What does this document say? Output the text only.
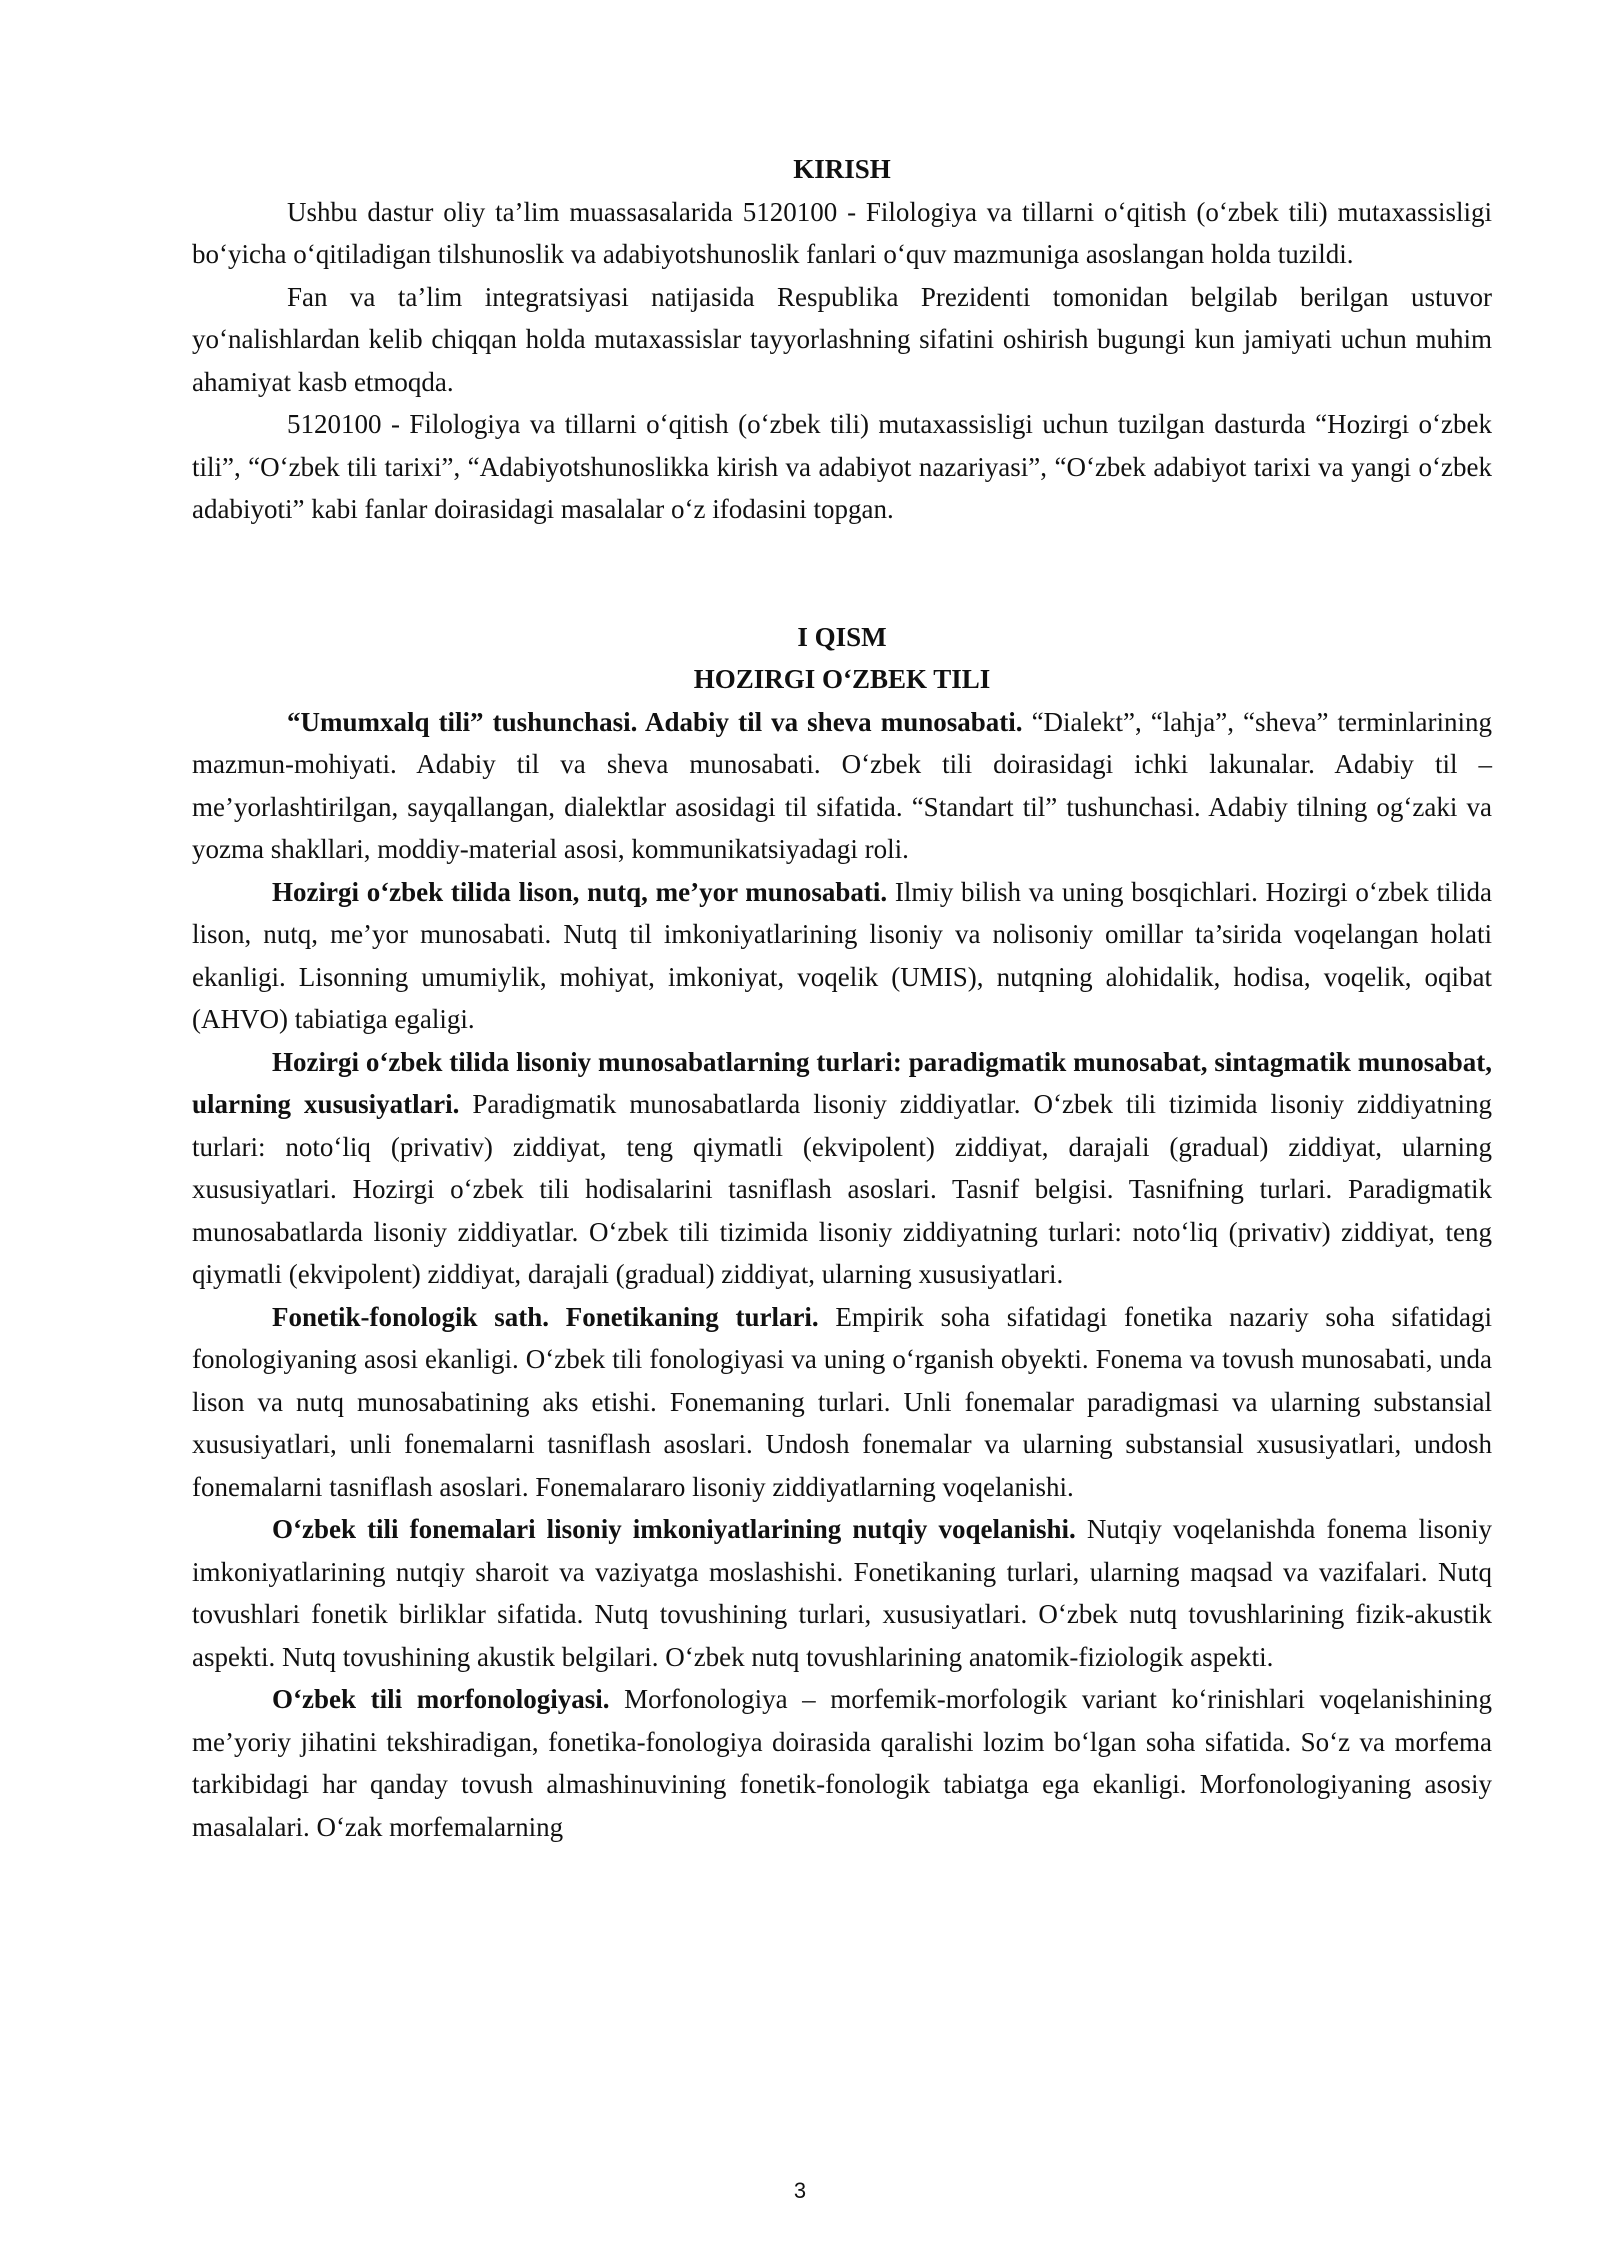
KIRISH

Ushbu dastur oliy ta’lim muassasalarida 5120100 - Filologiya va tillarni o‘qitish (o‘zbek tili) mutaxassisligi bo‘yicha o‘qitiladigan tilshunoslik va adabiyotshunoslik fanlari o‘quv mazmuniga asoslangan holda tuzildi.

Fan va ta’lim integratsiyasi natijasida Respublika Prezidenti tomonidan belgilab berilgan ustuvor yo‘nalishlardan kelib chiqqan holda mutaxassislar tayyorlashning sifatini oshirish bugungi kun jamiyati uchun muhim ahamiyat kasb etmoqda.

5120100 - Filologiya va tillarni o‘qitish (o‘zbek tili) mutaxassisligi uchun tuzilgan dasturda “Hozirgi o‘zbek tili”, “O‘zbek tili tarixi”, “Adabiyotshunoslikka kirish va adabiyot nazariyasi”, “O‘zbek adabiyot tarixi va yangi o‘zbek adabiyoti” kabi fanlar doirasidagi masalalar o‘z ifodasini topgan.

I QISM

HOZIRGI O‘ZBEK TILI

“Umumxalq tili” tushunchasi. Adabiy til va sheva munosabati. “Dialekt”, “lahja”, “sheva” terminlarining mazmun-mohiyati. Adabiy til va sheva munosabati. O‘zbek tili doirasidagi ichki lakunalar. Adabiy til – me’yorlashtirilgan, sayqallangan, dialektlar asosidagi til sifatida. “Standart til” tushunchasi. Adabiy tilning og‘zaki va yozma shakllari, moddiy-material asosi, kommunikatsiyadagi roli.

Hozirgi o‘zbek tilida lison, nutq, me’yor munosabati. Ilmiy bilish va uning bosqichlari. Hozirgi o‘zbek tilida lison, nutq, me’yor munosabati. Nutq til imkoniyatlarining lisoniy va nolisoniy omillar ta’sirida voqelangan holati ekanligi. Lisonning umumiylik, mohiyat, imkoniyat, voqelik (UMIS), nutqning alohidalik, hodisa, voqelik, oqibat (AHVO) tabiatiga egaligi.

Hozirgi o‘zbek tilida lisoniy munosabatlarning turlari: paradigmatik munosabat, sintagmatik munosabat, ularning xususiyatlari. Paradigmatik munosabatlarda lisoniy ziddiyatlar. O‘zbek tili tizimida lisoniy ziddiyatning turlari: noto‘liq (privativ) ziddiyat, teng qiymatli (ekvipolent) ziddiyat, darajali (gradual) ziddiyat, ularning xususiyatlari. Hozirgi o‘zbek tili hodisalarini tasniflash asoslari. Tasnif belgisi. Tasnifning turlari. Paradigmatik munosabatlarda lisoniy ziddiyatlar. O‘zbek tili tizimida lisoniy ziddiyatning turlari: noto‘liq (privativ) ziddiyat, teng qiymatli (ekvipolent) ziddiyat, darajali (gradual) ziddiyat, ularning xususiyatlari.

Fonetik-fonologik sath. Fonetikaning turlari. Empirik soha sifatidagi fonetika nazariy soha sifatidagi fonologiyaning asosi ekanligi. O‘zbek tili fonologiyasi va uning o‘rganish obyekti. Fonema va tovush munosabati, unda lison va nutq munosabatining aks etishi. Fonemaning turlari. Unli fonemalar paradigmasi va ularning substansial xususiyatlari, unli fonemalarni tasniflash asoslari. Undosh fonemalar va ularning substansial xususiyatlari, undosh fonemalarni tasniflash asoslari. Fonemalararo lisoniy ziddiyatlarning voqelanishi.

O‘zbek tili fonemalari lisoniy imkoniyatlarining nutqiy voqelanishi. Nutqiy voqelanishda fonema lisoniy imkoniyatlarining nutqiy sharoit va vaziyatga moslashishi. Fonetikaning turlari, ularning maqsad va vazifalari. Nutq tovushlari fonetik birliklar sifatida. Nutq tovushining turlari, xususiyatlari. O‘zbek nutq tovushlarining fizik-akustik aspekti. Nutq tovushining akustik belgilari. O‘zbek nutq tovushlarining anatomik-fiziologik aspekti.

O‘zbek tili morfonologiyasi. Morfonologiya – morfemik-morfologik variant ko‘rinishlari voqelanishining me’yoriy jihatini tekshiradigan, fonetika-fonologiya doirasida qaralishi lozim bo‘lgan soha sifatida. So‘z va morfema tarkibidagi har qanday tovush almashinuvining fonetik-fonologik tabiatga ega ekanligi. Morfonologiyaning asosiy masalalari. O‘zak morfemalarning

3
